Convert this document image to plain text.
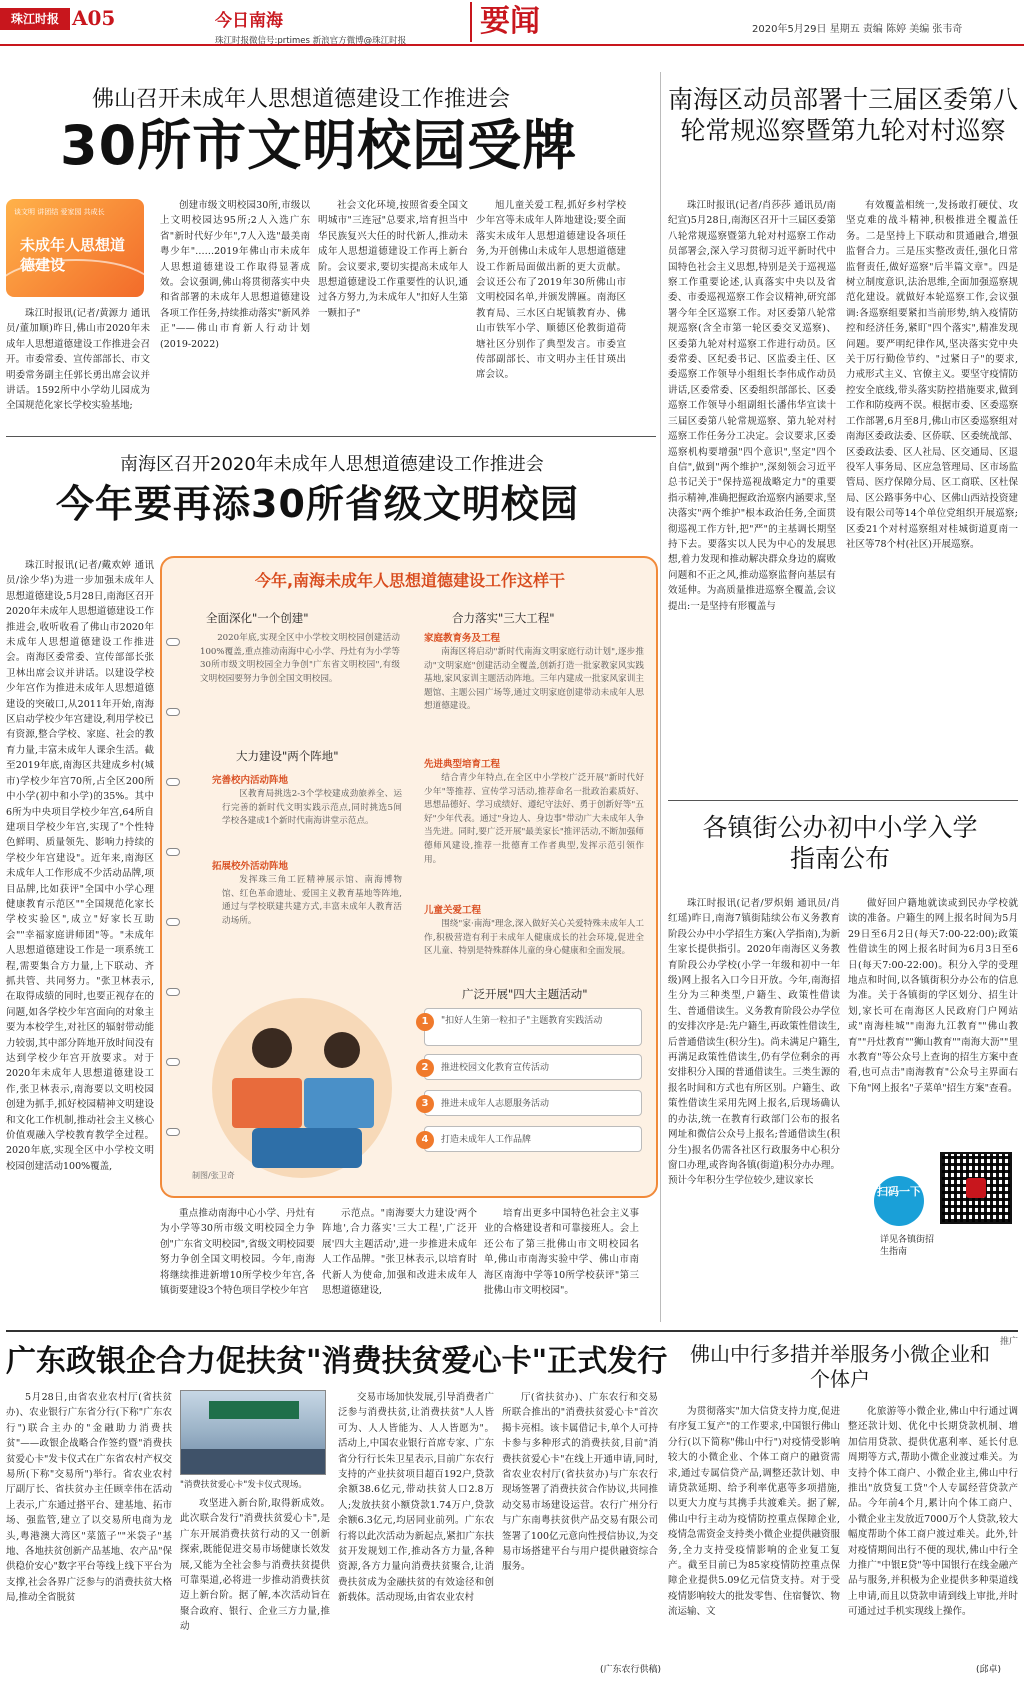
珠江时报 A05	今日南海
珠江时报微信号:prtimes 新浪官方微博@珠江时报
要闻	2020年5月29日 星期五 责编 陈婷 美编 张韦奇
佛山召开未成年人思想道德建设工作推进会
30所市文明校园受牌
谈文明 讲团结 爱家园 共成长
未成年人思想道德建设

珠江时报讯(记者/黄源力 通讯员/董加顺)昨日,佛山市2020年未成年人思想道德建设工作推进会召开。市委常委、宣传部部长、市文明委常务副主任郭长勇出席会议并讲话。1592所中小学幼儿园成为全国规范化家长学校实验基地;

创建市级文明校园30所,市级以上文明校园达95所;2人入选广东省"新时代好少年",7人入选"最美南粤少年"……2019年佛山市未成年人思想道德建设工作取得显著成效。会议强调,佛山将贯彻落实中央和省部署的未成年人思想道德建设各项工作任务,持续推动落实"新风养正"——佛山市育新人行动计划(2019-2022)

社会文化环境,按照省委全国文明城市"三连冠"总要求,培育担当中华民族复兴大任的时代新人,推动未成年人思想道德建设工作再上新台阶。会议要求,要切实提高未成年人思想道德建设工作重要性的认识,通过各方努力,为未成年人"扣好人生第一颗扣子"

旭儿童关爱工程,抓好乡村学校少年宫等未成年人阵地建设;要全面落实未成年人思想道德建设各项任务,为开创佛山未成年人思想道德建设工作新局面做出新的更大贡献。会议还公布了2019年30所佛山市文明校园名单,并颁发牌匾。南海区教育局、三水区白坭镇教育办、佛山市铁军小学、顺德区伦教街道荷塘社区分别作了典型发言。市委宣传部副部长、市文明办主任甘瑛出席会议。

南海区召开2020年未成年人思想道德建设工作推进会
今年要再添30所省级文明校园

珠江时报讯(记者/戴欢婷 通讯员/涂少华)为进一步加强未成年人思想道德建设,5月28日,南海区召开2020年未成年人思想道德建设工作推进会,收听收看了佛山市2020年未成年人思想道德建设工作推进会。南海区委常委、宣传部部长张卫林出席会议并讲话。以建设学校少年宫作为推进未成年人思想道德建设的突破口,从2011年开始,南海区启动学校少年宫建设,利用学校已有资源,整合学校、家庭、社会的教育力量,丰富未成年人课余生活。截至2019年底,南海区共建成乡村(城市)学校少年宫70所,占全区200所中小学(初中和小学)的35%。其中6所为中央项目学校少年宫,64所自建项目学校少年宫,实现了"个性特色鲜明、质量领先、影响力持续的学校少年宫建设"。近年来,南海区未成年人工作形成不少活动品牌,项目品牌,比如获评"全国中小学心理健康教育示范区""全国规范化家长学校实验区",成立"好家长互助会""幸福家庭讲师团"等。"未成年人思想道德建设工作是一项系统工程,需要集合方力量,上下联动、齐抓共管、共同努力。"张卫林表示,在取得成绩的同时,也要正视存在的问题,如各学校少年宫面向的对象主要为本校学生,对社区的辐射带动能力较弱,其中部分阵地开放时间没有达到学校少年宫开放要求。对于2020年未成年人思想道德建设工作,张卫林表示,南海要以文明校园创建为抓手,抓好校园精神文明建设和文化工作机制,推动社会主义核心价值观融入学校教育教学全过程。2020年底,实现全区中小学校文明校园创建活动100%覆盖,

今年,南海未成年人思想道德建设工作这样干
全面深化"一个创建"

2020年底,实现全区中小学校文明校园创建活动100%覆盖,重点推动南海中心小学、丹灶有为小学等30所市级文明校园全力争创"广东省文明校园",有级文明校园要努力争创全国文明校园。

合力落实"三大工程"
家庭教育务及工程

南海区将启动"新时代南海文明家庭行动计划",逐步推动"文明家庭"创建活动全覆盖,创新打造一批家教家风实践基地,家风家训主题活动阵地。三年内建成一批家风家训主题馆、主题公园广场等,通过文明家庭创建带动未成年人思想道德建设。

先进典型培育工程

结合青少年特点,在全区中小学校广泛开展"新时代好少年"等推荐、宣传学习活动,推荐命名一批政治素质好、思想品德好、学习成绩好、遵纪守法好、勇于创新好等"五好"少年代表。通过"身边人、身边事"带动广大未成年人争当先进。同时,要广泛开展"最美家长"推评活动,不断加强师德师风建设,推荐一批德育工作者典型,发挥示范引领作用。

儿童关爱工程

围绕"家·南海"理念,深入做好关心关爱特殊未成年人工作,积极营造有利于未成年人健康成长的社会环境,促进全区儿童、特别是特殊群体儿童的身心健康和全面发展。

大力建设"两个阵地"
完善校内活动阵地

区教育局挑选2-3个学校建成劲旅养全、运行完善的新时代文明实践示范点,同时挑选5间学校各建成1个新时代南海讲堂示范点。

拓展校外活动阵地

发挥珠三角工匠精神展示馆、南海博物馆、红色革命遗址、爱国主义教育基地等阵地,通过与学校联建共建方式,丰富未成年人教育活动场所。

制图/张卫奇
广泛开展"四大主题活动"
1	"扣好人生第一粒扣子"主题教育实践活动
2	推进校园文化教育宣传活动
3	推进未成年人志愿服务活动
4	打造未成年人工作品牌

重点推动南海中心小学、丹灶有为小学等30所市级文明校园全力争创"广东省文明校园",省级文明校园要努力争创全国文明校园。今年,南海将继续推进新增10所学校少年宫,各镇街要建设3个特色项目学校少年宫

示范点。"南海要大力建设'两个阵地',合力落实'三大工程',广泛开展'四大主题活动',进一步推进未成年人工作品牌。"张卫林表示,以培育时代新人为使命,加强和改进未成年人思想道德建设,

培育出更多中国特色社会主义事业的合格建设者和可靠接班人。会上还公布了第三批佛山市文明校园名单,佛山市南海实验中学、佛山市南海区南海中学等10所学校获评"第三批佛山市文明校园"。

南海区动员部署十三届区委第八轮常规巡察暨第九轮对村巡察

珠江时报讯(记者/肖莎莎 通讯员/南纪宣)5月28日,南海区召开十三届区委第八轮常规巡察暨第九轮对村巡察工作动员部署会,深入学习贯彻习近平新时代中国特色社会主义思想,特别是关于巡视巡察工作重要论述,认真落实中央以及省委、市委巡视巡察工作会议精神,研究部署今年全区巡察工作。对区委第八轮常规巡察(含全市第一轮区委交叉巡察)、区委第九轮对村巡察工作进行动员。区委常委、区纪委书记、区监委主任、区委巡察工作领导小组组长李伟成作动员讲话,区委常委、区委组织部部长、区委巡察工作领导小组副组长潘伟华宣读十三届区委第八轮常规巡察、第九轮对村巡察工作任务分工决定。会议要求,区委巡察机构要增强"四个意识",坚定"四个自信",做到"两个维护",深刻领会习近平总书记关于"保持巡视战略定力"的重要指示精神,准确把握政治巡察内涵要求,坚决落实"两个维护"根本政治任务,全面贯彻巡视工作方针,把"严"的主基调长期坚持下去。要落实以人民为中心的发展思想,着力发现和推动解决群众身边的腐败问题和不正之风,推动巡察监督向基层有效延伸。为高质量推进巡察全覆盖,会议提出:一是坚持有形覆盖与

有效覆盖相统一,发扬敢打硬仗、攻坚克难的战斗精神,积极推进全覆盖任务。二是坚持上下联动和贯通融合,增强监督合力。三是压实整改责任,强化日常监督责任,做好巡察"后半篇文章"。四是树立制度意识,法治思维,全面加强巡察规范化建设。就做好本轮巡察工作,会议强调:各巡察组要紧扣当前形势,纳入疫情防控和经济任务,紧盯"四个落实",精准发现问题。要严明纪律作风,坚决落实党中央关于厉行勤俭节约、"过紧日子"的要求,力戒形式主义、官僚主义。要坚守疫情防控安全底线,带头落实防控措施要求,做到工作和防疫两不误。根据市委、区委巡察工作部署,6月至8月,佛山市区委巡察组对南海区委政法委、区侨联、区委统战部、区委政法委、区人社局、区交通局、区退役军人事务局、区应急管理局、区市场监管局、医疗保障分局、区工商联、区杜保局、区公路事务中心、区佛山西站投资建设有限公司等14个单位党组织开展巡察;区委21个对村巡察组对桂城街道夏南一社区等78个村(社区)开展巡察。

各镇街公办初中小学入学指南公布

珠江时报讯(记者/罗炽娟 通讯员/肖红瑶)昨日,南海7镇街陆续公布义务教育阶段公办中小学招生方案(入学指南),为新生家长提供指引。2020年南海区义务教育阶段公办学校(小学一年级和初中一年级)网上报名入口今日开放。今年,南海招生分为三种类型,户籍生、政策性借读生、普通借读生。义务教育阶段公办学位的安排次序是:先户籍生,再政策性借读生,后普通借读生(积分生)。尚未满足户籍生,再满足政策性借读生,仍有学位剩余的再安排积分入围的普通借读生。三类生源的报名时间和方式也有所区别。户籍生、政策性借读生采用先网上报名,后现场确认的办法,统一在教育行政部门公布的报名网址和微信公众号上报名;普通借读生(积分生)报名仍需各社区行政服务中心积分窗口办理,或咨询各镇(街道)积分办办理。预计今年积分生学位较少,建议家长

做好回户籍地就读或到民办学校就读的准备。户籍生的网上报名时间为5月29日至6月2日(每天7:00-22:00);政策性借读生的网上报名时间为6月3日至6日(每天7:00-22:00)。积分入学的受理地点和时间,以各镇街积分办公布的信息为准。关于各镇街的学区划分、招生计划,家长可在南海区人民政府门户网站或"南海桂城""南海九江教育""佛山教育""丹灶教育""狮山教育""南海大沥""里水教育"等公众号上查询的招生方案中查看,也可点击"南海教育"公众号主界面右下角"网上报名"子菜单"招生方案"查看。

扫码一下
详见各镇街招生指南
广东政银企合力促扶贫"消费扶贫爱心卡"正式发行

5月28日,由省农业农村厅(省扶贫办)、农业银行广东省分行(下称"广东农行")联合主办的"金融助力消费扶贫"——政银企战略合作签约暨"消费扶贫爱心卡"发卡仪式在广东省农村产权交易所(下称"交易所")举行。省农业农村厅副厅长、省扶贫办主任顾幸伟在活动上表示,广东通过搭平台、建基地、拓市场、强监管,建立了以交易所电商为龙头,粤港澳大湾区"菜篮子""米袋子"基地、各地扶贫创新产品基地、农产品"保供稳价安心"数字平台等线上线下平台为支撑,社会各界广泛参与的消费扶贫大格局,推动全省脱贫

"消费扶贫爱心卡"发卡仪式现场。

攻坚进入新台阶,取得新成效。此次联合发行"消费扶贫爱心卡",是广东开展消费扶贫行动的又一创新探索,既能促进交易市场健康长效发展,又能为全社会参与消费扶贫提供可靠渠道,必将进一步推动消费扶贫迈上新台阶。据了解,本次活动旨在聚合政府、银行、企业三方力量,推动

交易市场加快发展,引导消费者广泛参与消费扶贫,让消费扶贫"人人皆可为、人人皆能为、人人皆愿为"。活动上,中国农业银行首席专家、广东省分行行长朱卫星表示,目前广东农行支持的产业扶贫项目超百192户,贷款余额38.6亿元,带动扶贫人口2.8万人;发放扶贫小额贷款1.74万户,贷款余额6.3亿元,均居同业前列。广东农行将以此次活动为新起点,紧扣广东扶贫开发规划工作,推动各方力量,各种资源,各方力量向消费扶贫聚合,让消费扶贫成为金融扶贫的有效途径和创新载体。活动现场,由省农业农村

厅(省扶贫办)、广东农行和交易所联合推出的"消费扶贫爱心卡"首次揭卡亮相。该卡属借记卡,单个人可持卡参与多种形式的消费扶贫,目前"消费扶贫爱心卡"在线上开通申请,同时,省农业农村厅(省扶贫办)与广东农行现场签署了消费扶贫合作协议,共同推动交易市场建设运营。农行广州分行与广东南粤扶贫供产品交易有限公司签署了100亿元意向性授信协议,为交易市场搭建平台与用户提供融资综合服务。

(广东农行供稿)
推广
佛山中行多措并举服务小微企业和个体户

为贯彻落实"加大信贷支持力度,促进有序复工复产"的工作要求,中国银行佛山分行(以下简称"佛山中行")对疫情受影响较大的小微企业、个体工商户的融资需求,通过专属信贷产品,调整还款计划、申请贷款延期、给予利率优惠等多项措施,以更大力度与其携手共渡难关。据了解,佛山中行主动为疫情防控重点保障企业,疫情急需资金支持类小微企业提供融资服务,全力支持受疫情影响的企业复工复产。截至目前已为85家疫情防控重点保障企业提供5.09亿元信贷支持。对于受疫情影响较大的批发零售、住宿餐饮、物流运输、文

化旅游等小微企业,佛山中行通过调整还款计划、优化中长期贷款机制、增加信用贷款、提供优惠利率、延长付息周期等方式,帮助小微企业渡过难关。为支持个体工商户、小微企业主,佛山中行推出"放贷复工贷"个人专属经营贷款产品。今年前4个月,累计向个体工商户、小微企业主发放近7000万个人贷款,较大幅度帮助个体工商户渡过难关。此外,针对疫情期间出行不便的现状,佛山中行全力推广"中银E贷"等中国银行在线金融产品与服务,并积极为企业提供多种渠道线上申请,而且以贷款申请到线上审批,并时可通过过手机实现线上操作。

(邱卓)
